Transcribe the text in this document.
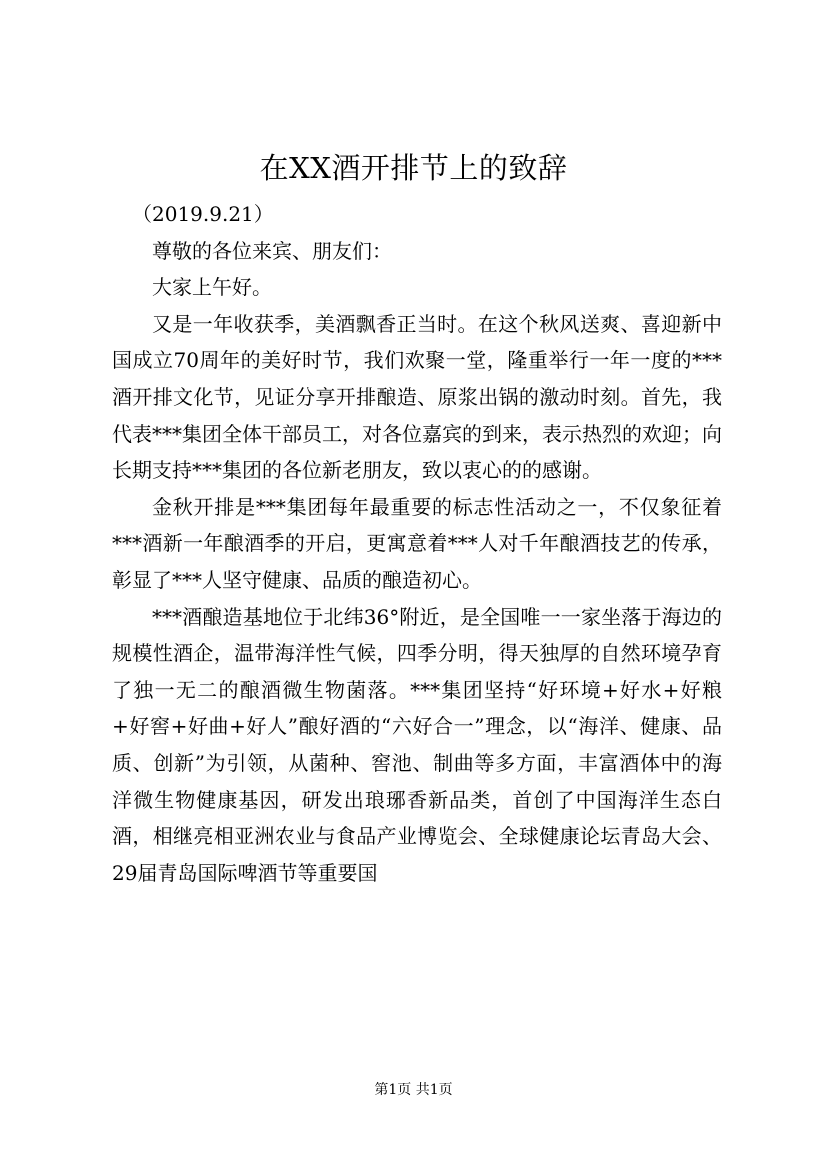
在XX酒开排节上的致辞

（2019.9.21）

尊敬的各位来宾、朋友们：

大家上午好。

又是一年收获季，美酒飘香正当时。在这个秋风送爽、喜迎新中国成立70周年的美好时节，我们欢聚一堂，隆重举行一年一度的***酒开排文化节，见证分享开排酿造、原浆出锅的激动时刻。首先，我代表***集团全体干部员工，对各位嘉宾的到来，表示热烈的欢迎；向长期支持***集团的各位新老朋友，致以衷心的的感谢。

金秋开排是***集团每年最重要的标志性活动之一，不仅象征着***酒新一年酿酒季的开启，更寓意着***人对千年酿酒技艺的传承，彰显了***人坚守健康、品质的酿造初心。

***酒酿造基地位于北纬36°附近，是全国唯一一家坐落于海边的规模性酒企，温带海洋性气候，四季分明，得天独厚的自然环境孕育了独一无二的酿酒微生物菌落。***集团坚持“好环境+好水+好粮+好窖+好曲+好人”酿好酒的“六好合一”理念，以“海洋、健康、品质、创新”为引领，从菌种、窖池、制曲等多方面，丰富酒体中的海洋微生物健康基因，研发出琅琊香新品类，首创了中国海洋生态白酒，相继亮相亚洲农业与食品产业博览会、全球健康论坛青岛大会、29届青岛国际啤酒节等重要国

第1页 共1页
